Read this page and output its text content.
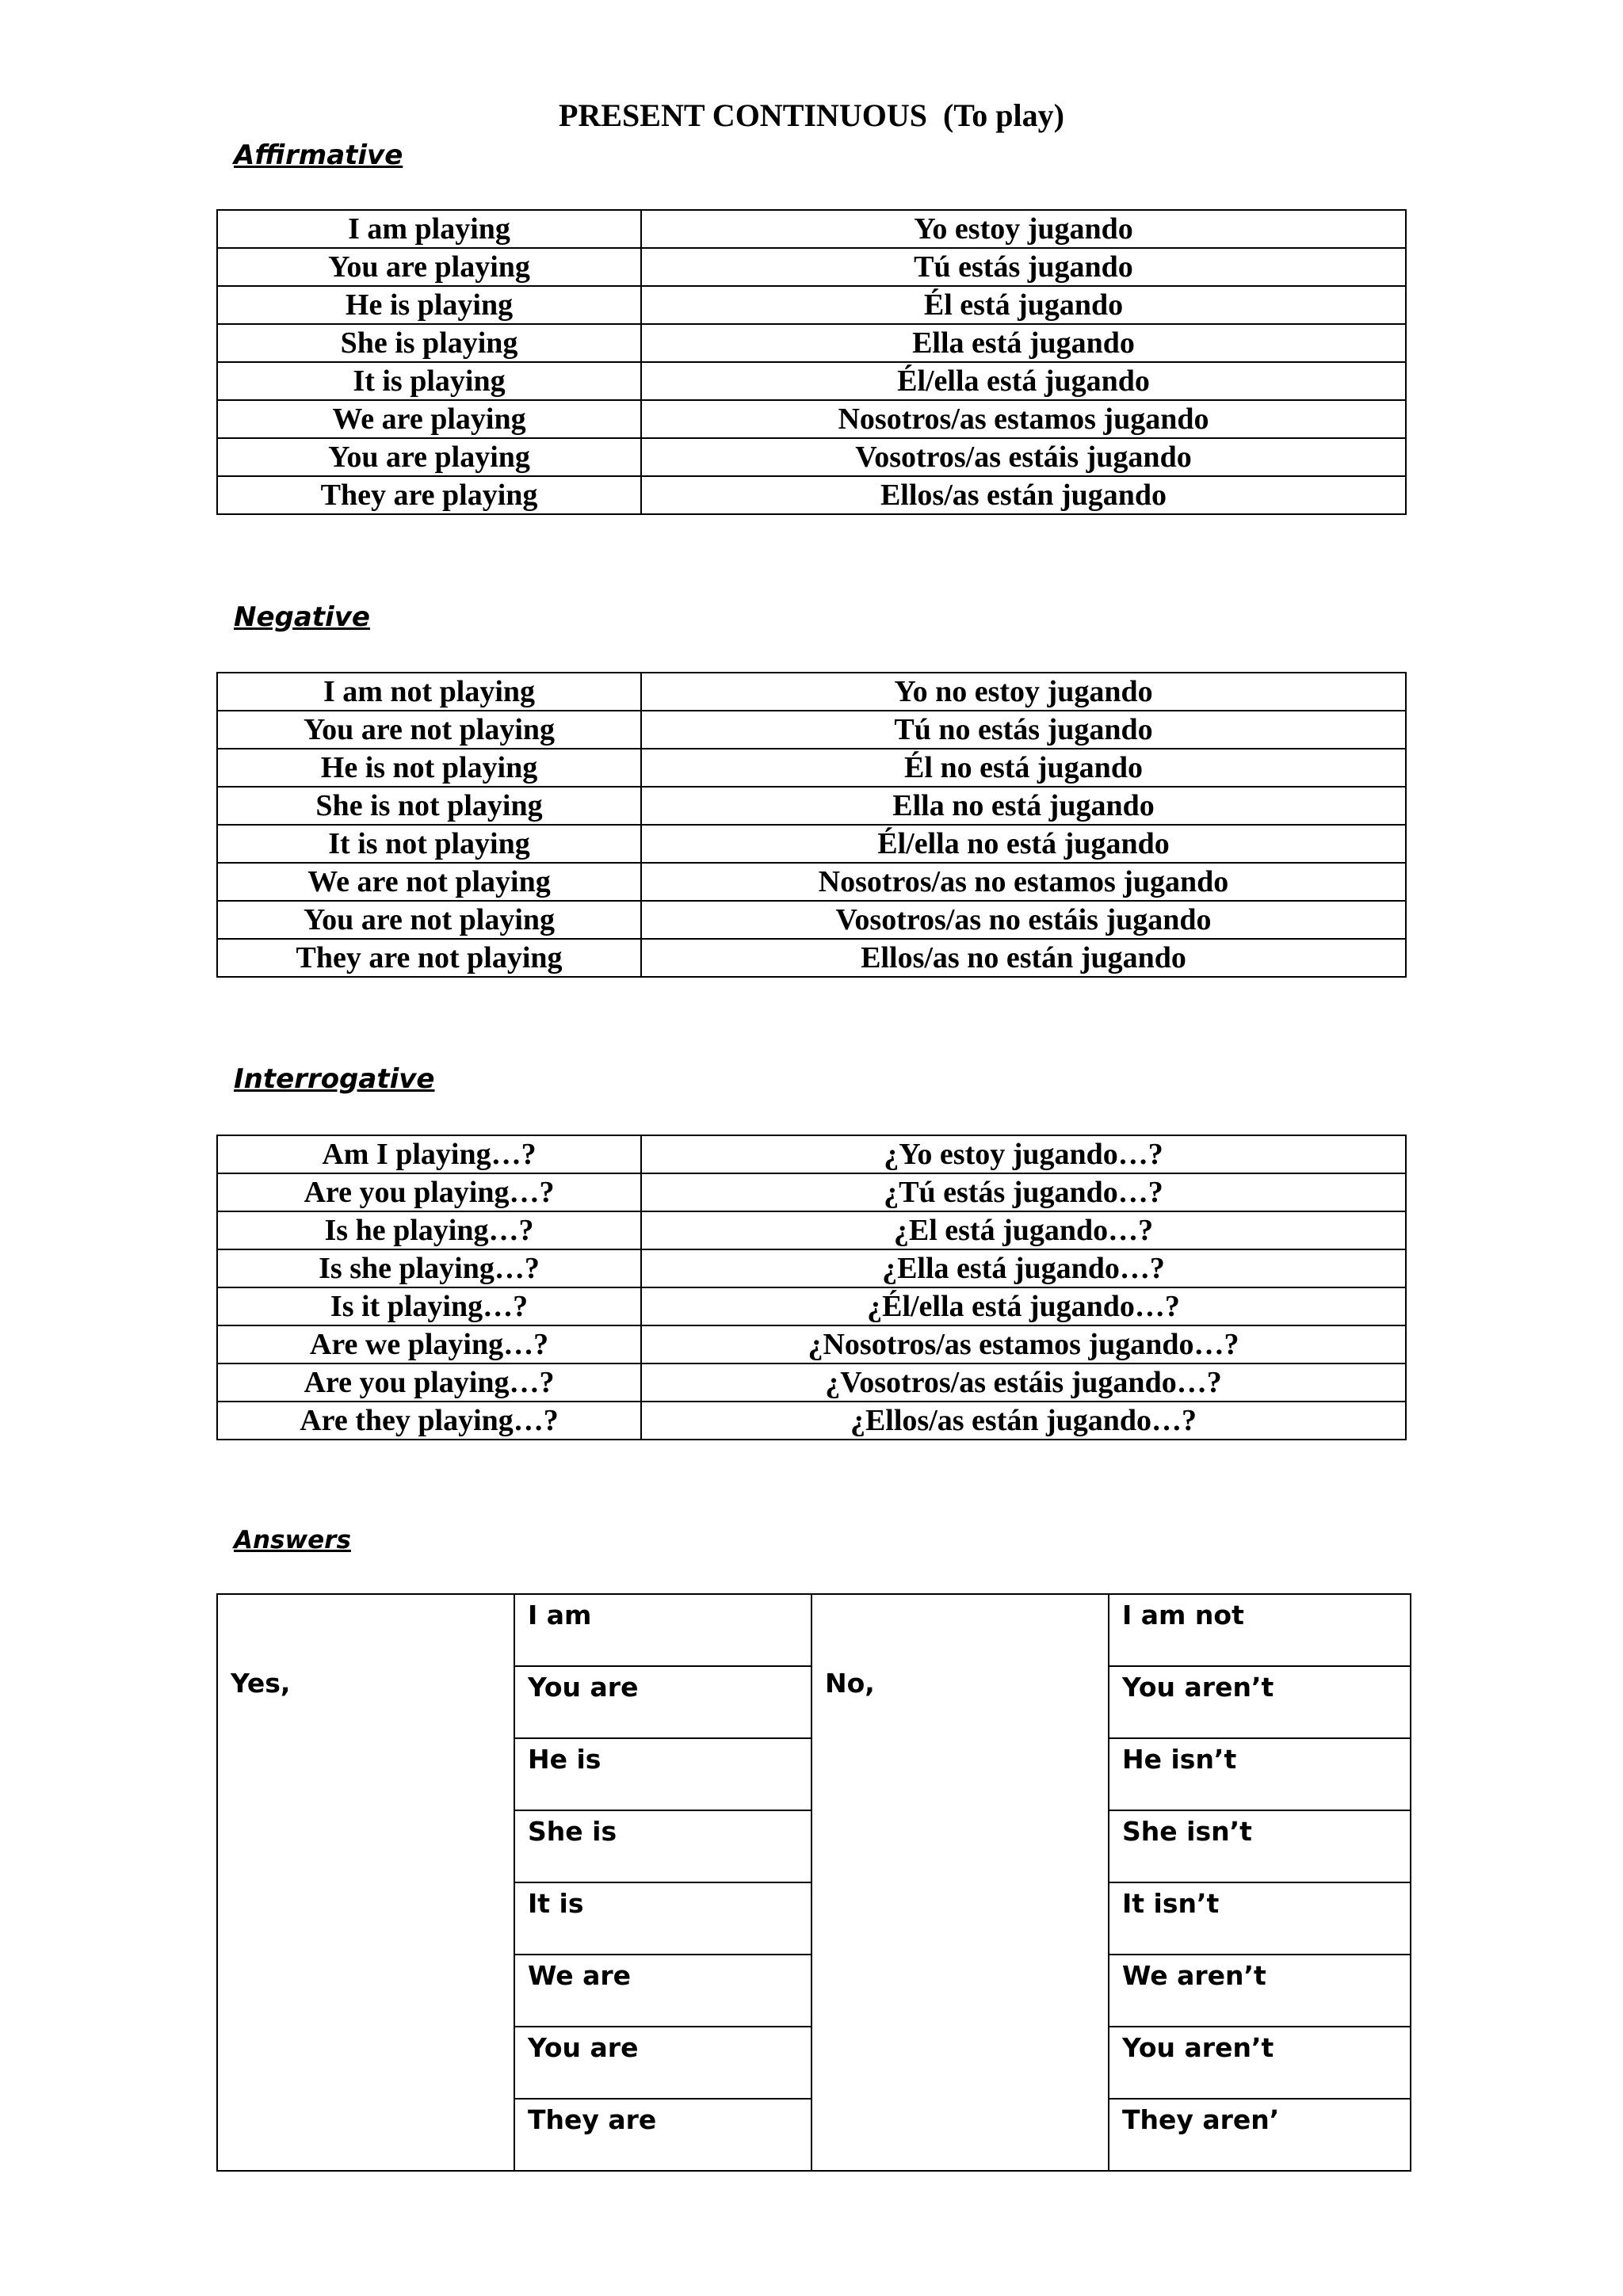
PRESENT CONTINUOUS  (To play)
Affirmative
I am playing	Yo estoy jugando
You are playing	Tú estás jugando
He is playing	Él está jugando
She is playing	Ella está jugando
It is playing	Él/ella está jugando
We are playing	Nosotros/as estamos jugando
You are playing	Vosotros/as estáis jugando
They are playing	Ellos/as están jugando
Negative
I am not playing	Yo no estoy jugando
You are not playing	Tú no estás jugando
He is not playing	Él no está jugando
She is not playing	Ella no está jugando
It is not playing	Él/ella no está jugando
We are not playing	Nosotros/as no estamos jugando
You are not playing	Vosotros/as no estáis jugando
They are not playing	Ellos/as no están jugando
Interrogative
Am I playing…?	¿Yo estoy jugando…?
Are you playing…?	¿Tú estás jugando…?
Is he playing…?	¿El está jugando…?
Is she playing…?	¿Ella está jugando…?
Is it playing…?	¿Él/ella está jugando…?
Are we playing…?	¿Nosotros/as estamos jugando…?
Are you playing…?	¿Vosotros/as estáis jugando…?
Are they playing…?	¿Ellos/as están jugando…?
Answers
Yes,	I am	No,	I am not
	You are		You aren’t
	He is		He isn’t
	She is		She isn’t
	It is		It isn’t
	We are		We aren’t
	You are		You aren’t
	They are		They aren’
